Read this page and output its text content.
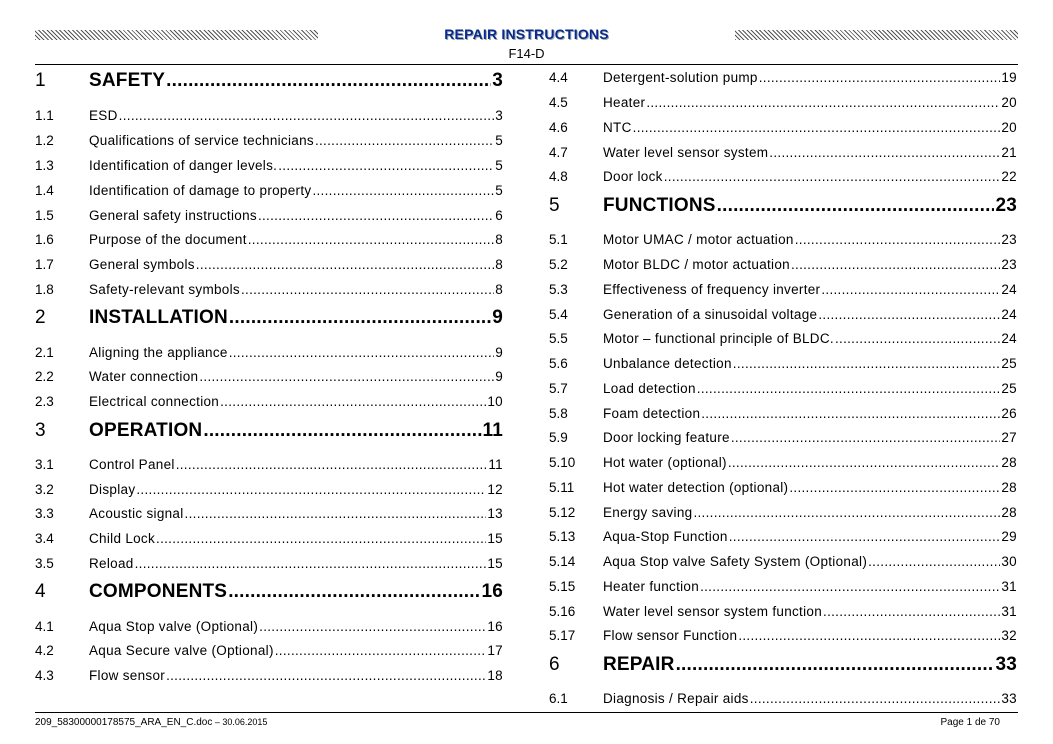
REPAIR INSTRUCTIONS
F14-D
1	SAFETY .....	3
1.1	ESD .....	3
1.2	Qualifications of service technicians .....	5
1.3	Identification of danger levels. .....	5
1.4	Identification of damage to property .....	5
1.5	General safety instructions .....	6
1.6	Purpose of the document .....	8
1.7	General symbols .....	8
1.8	Safety-relevant symbols .....	8
2	INSTALLATION .....	9
2.1	Aligning the appliance .....	9
2.2	Water connection .....	9
2.3	Electrical connection .....	10
3	OPERATION .....	11
3.1	Control Panel .....	11
3.2	Display .....	12
3.3	Acoustic signal .....	13
3.4	Child Lock .....	15
3.5	Reload .....	15
4	COMPONENTS .....	16
4.1	Aqua Stop valve (Optional) .....	16
4.2	Aqua Secure valve (Optional) .....	17
4.3	Flow sensor .....	18
4.4	Detergent-solution pump .....	19
4.5	Heater .....	20
4.6	NTC .....	20
4.7	Water level sensor system .....	21
4.8	Door lock .....	22
5	FUNCTIONS .....	23
5.1	Motor UMAC / motor actuation .....	23
5.2	Motor BLDC / motor actuation .....	23
5.3	Effectiveness of frequency inverter .....	24
5.4	Generation of a sinusoidal voltage .....	24
5.5	Motor – functional principle of BLDC. .....	24
5.6	Unbalance detection .....	25
5.7	Load detection .....	25
5.8	Foam detection .....	26
5.9	Door locking feature .....	27
5.10	Hot water (optional) .....	28
5.11	Hot water detection (optional) .....	28
5.12	Energy saving .....	28
5.13	Aqua-Stop Function .....	29
5.14	Aqua Stop valve Safety System (Optional) .....	30
5.15	Heater function .....	31
5.16	Water level sensor system function .....	31
5.17	Flow sensor Function .....	32
6	REPAIR .....	33
6.1	Diagnosis / Repair aids .....	33
209_58300000178575_ARA_EN_C.doc – 30.06.2015	Page 1 de 70
